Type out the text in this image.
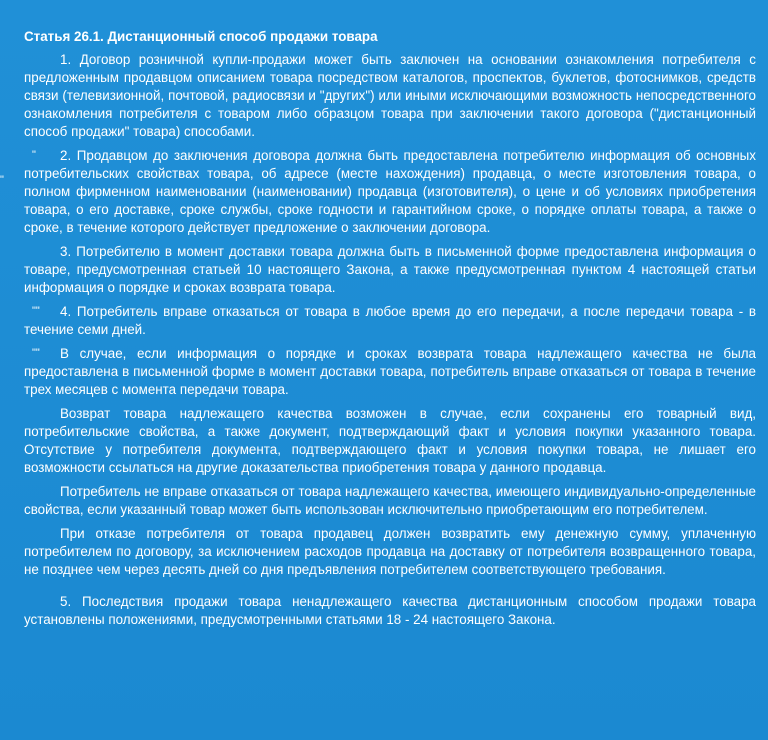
"
Статья 26.1. Дистанционный способ продажи товара

1. Договор розничной купли-продажи может быть заключен на основании ознакомления потребителя с предложенным продавцом описанием товара посредством каталогов, проспектов, буклетов, фотоснимков, средств связи (телевизионной, почтовой, радиосвязи и "других") или иными исключающими возможность непосредственного ознакомления потребителя с товаром либо образцом товара при заключении такого договора ("дистанционный способ продажи" товара) способами.

" 2. Продавцом до заключения договора должна быть предоставлена потребителю информация об основных потребительских свойствах товара, об адресе (месте нахождения) продавца, о месте изготовления товара, о полном фирменном наименовании (наименовании) продавца (изготовителя), о цене и об условиях приобретения товара, о его доставке, сроке службы, сроке годности и гарантийном сроке, о порядке оплаты товара, а также о сроке, в течение которого действует предложение о заключении договора.

3. Потребителю в момент доставки товара должна быть в письменной форме предоставлена информация о товаре, предусмотренная статьей 10 настоящего Закона, а также предусмотренная пунктом 4 настоящей статьи информация о порядке и сроках возврата товара.

"" 4. Потребитель вправе отказаться от товара в любое время до его передачи, а после передачи товара - в течение семи дней.

"" В случае, если информация о порядке и сроках возврата товара надлежащего качества не была предоставлена в письменной форме в момент доставки товара, потребитель вправе отказаться от товара в течение трех месяцев с момента передачи товара.

Возврат товара надлежащего качества возможен в случае, если сохранены его товарный вид, потребительские свойства, а также документ, подтверждающий факт и условия покупки указанного товара. Отсутствие у потребителя документа, подтверждающего факт и условия покупки товара, не лишает его возможности ссылаться на другие доказательства приобретения товара у данного продавца.

Потребитель не вправе отказаться от товара надлежащего качества, имеющего индивидуально-определенные свойства, если указанный товар может быть использован исключительно приобретающим его потребителем.

При отказе потребителя от товара продавец должен возвратить ему денежную сумму, уплаченную потребителем по договору, за исключением расходов продавца на доставку от потребителя возвращенного товара, не позднее чем через десять дней со дня предъявления потребителем соответствующего требования.

5. Последствия продажи товара ненадлежащего качества дистанционным способом продажи товара установлены положениями, предусмотренными статьями 18 - 24 настоящего Закона.
